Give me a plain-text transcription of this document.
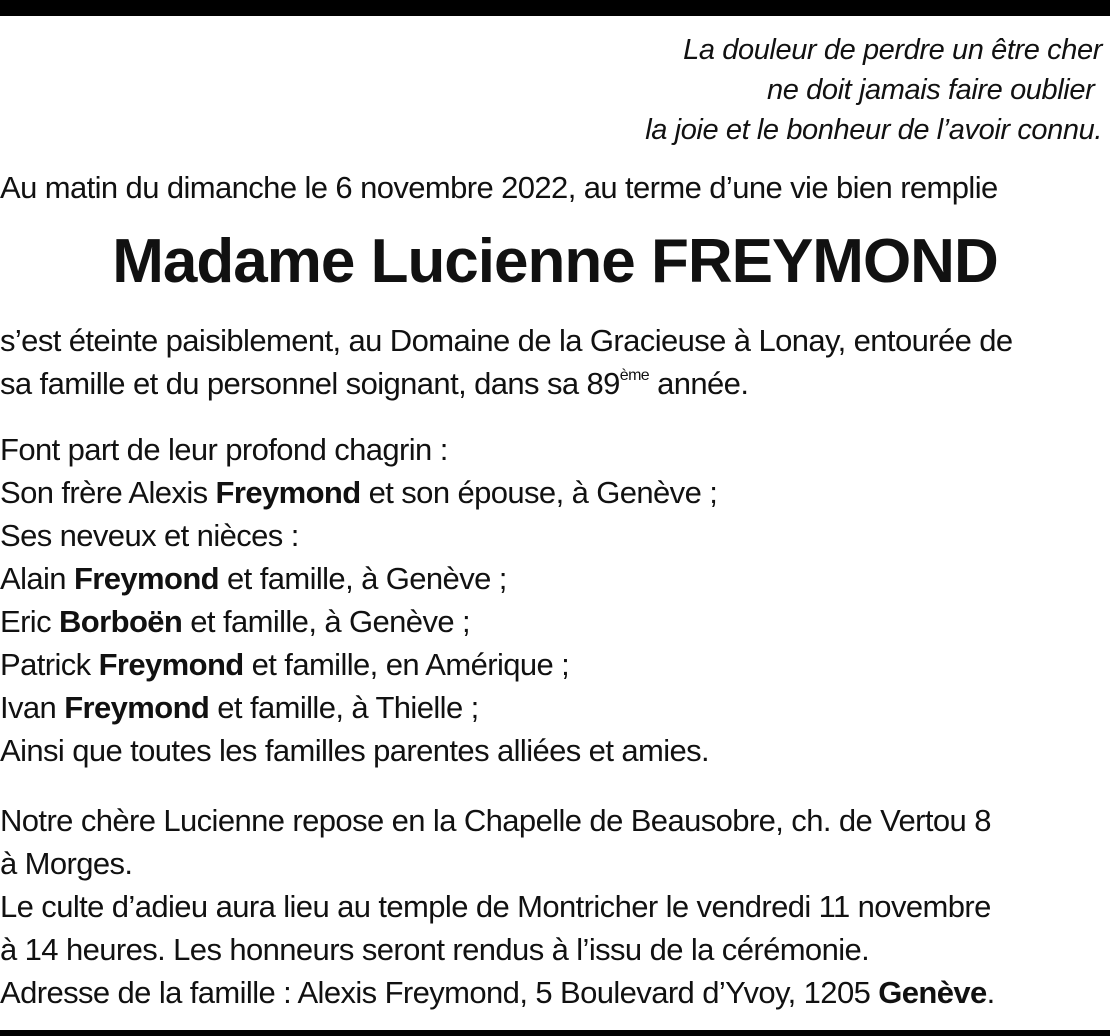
La douleur de perdre un être cher
ne doit jamais faire oublier
la joie et le bonheur de l’avoir connu.
Au matin du dimanche le 6 novembre 2022, au terme d’une vie bien remplie
Madame Lucienne FREYMOND
s’est éteinte paisiblement, au Domaine de la Gracieuse à Lonay, entourée de
sa famille et du personnel soignant, dans sa 89ème année.
Font part de leur profond chagrin :
Son frère Alexis Freymond et son épouse, à Genève ;
Ses neveux et nièces :
Alain Freymond et famille, à Genève ;
Eric Borboën et famille, à Genève ;
Patrick Freymond et famille, en Amérique ;
Ivan Freymond et famille, à Thielle ;
Ainsi que toutes les familles parentes alliées et amies.
Notre chère Lucienne repose en la Chapelle de Beausobre, ch. de Vertou 8
à Morges.
Le culte d’adieu aura lieu au temple de Montricher le vendredi 11 novembre
à 14 heures. Les honneurs seront rendus à l’issu de la cérémonie.
Adresse de la famille : Alexis Freymond, 5 Boulevard d’Yvoy, 1205 Genève.
